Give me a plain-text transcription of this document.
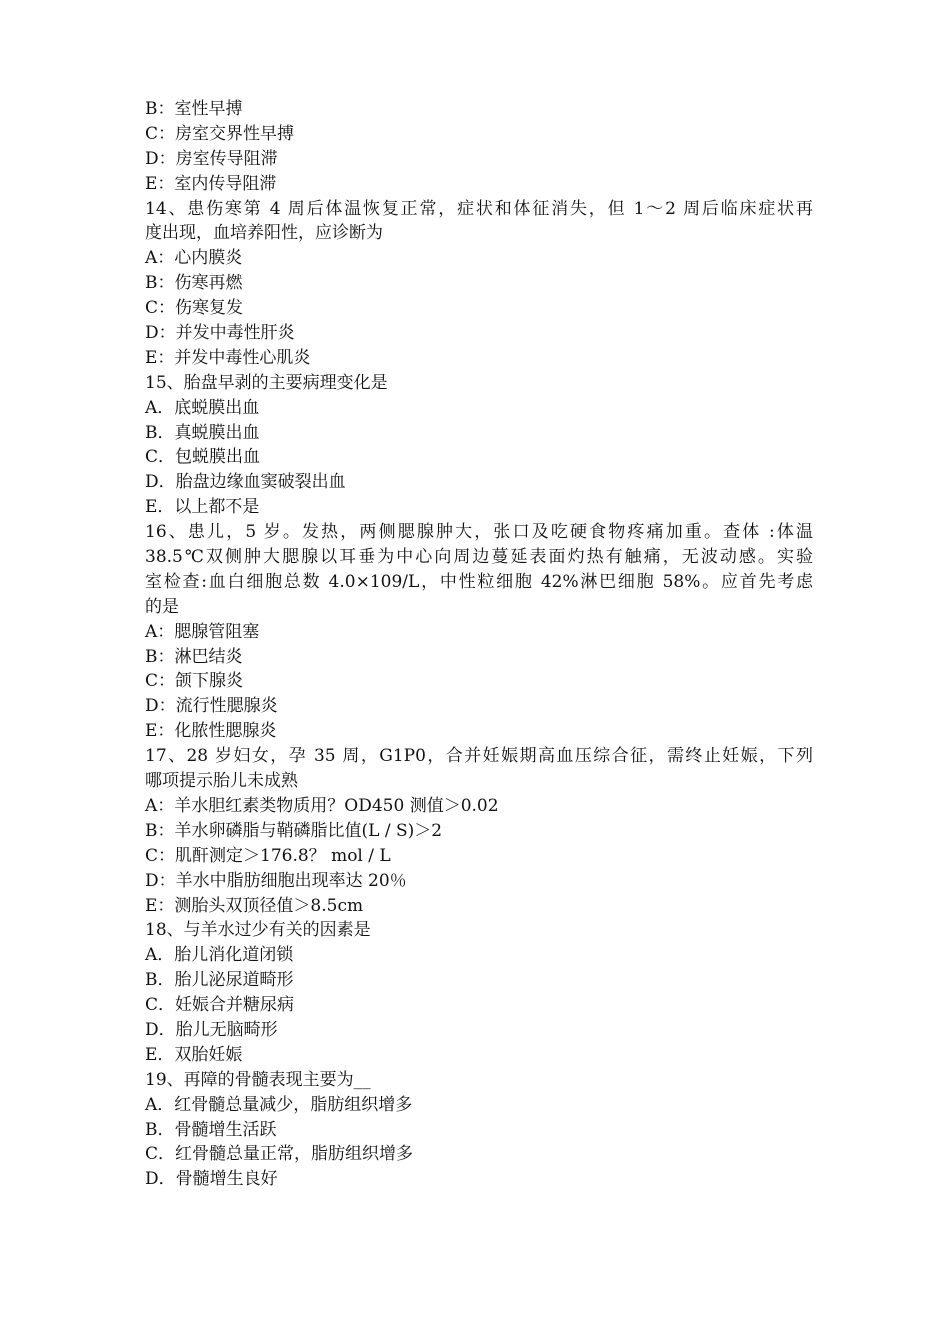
B：室性早搏
C：房室交界性早搏
D：房室传导阻滞
E：室内传导阻滞
14、患伤寒第 4 周后体温恢复正常，症状和体征消失，但 1～2 周后临床症状再
度出现，血培养阳性，应诊断为
A：心内膜炎
B：伤寒再燃
C：伤寒复发
D：并发中毒性肝炎
E：并发中毒性心肌炎
15、胎盘早剥的主要病理变化是
A．底蜕膜出血
B．真蜕膜出血
C．包蜕膜出血
D．胎盘边缘血窦破裂出血
E．以上都不是
16、患儿，5 岁。发热，两侧腮腺肿大，张口及吃硬食物疼痛加重。查体 :体温
38.5℃双侧肿大腮腺以耳垂为中心向周边蔓延表面灼热有触痛，无波动感。实验
室检查:血白细胞总数 4.0×109/L，中性粒细胞 42%淋巴细胞 58%。应首先考虑
的是
A：腮腺管阻塞
B：淋巴结炎
C：颌下腺炎
D：流行性腮腺炎
E：化脓性腮腺炎
17、28 岁妇女，孕 35 周，G1P0，合并妊娠期高血压综合征，需终止妊娠，下列
哪项提示胎儿未成熟
A：羊水胆红素类物质用？OD450 测值＞0.02
B：羊水卵磷脂与鞘磷脂比值(L / S)＞2
C：肌酐测定＞176.8？ mol / L
D：羊水中脂肪细胞出现率达 20％
E：测胎头双顶径值＞8.5cm
18、与羊水过少有关的因素是
A．胎儿消化道闭锁
B．胎儿泌尿道畸形
C．妊娠合并糖尿病
D．胎儿无脑畸形
E．双胎妊娠
19、再障的骨髓表现主要为__
A．红骨髓总量减少，脂肪组织增多
B．骨髓增生活跃
C．红骨髓总量正常，脂肪组织增多
D．骨髓增生良好
